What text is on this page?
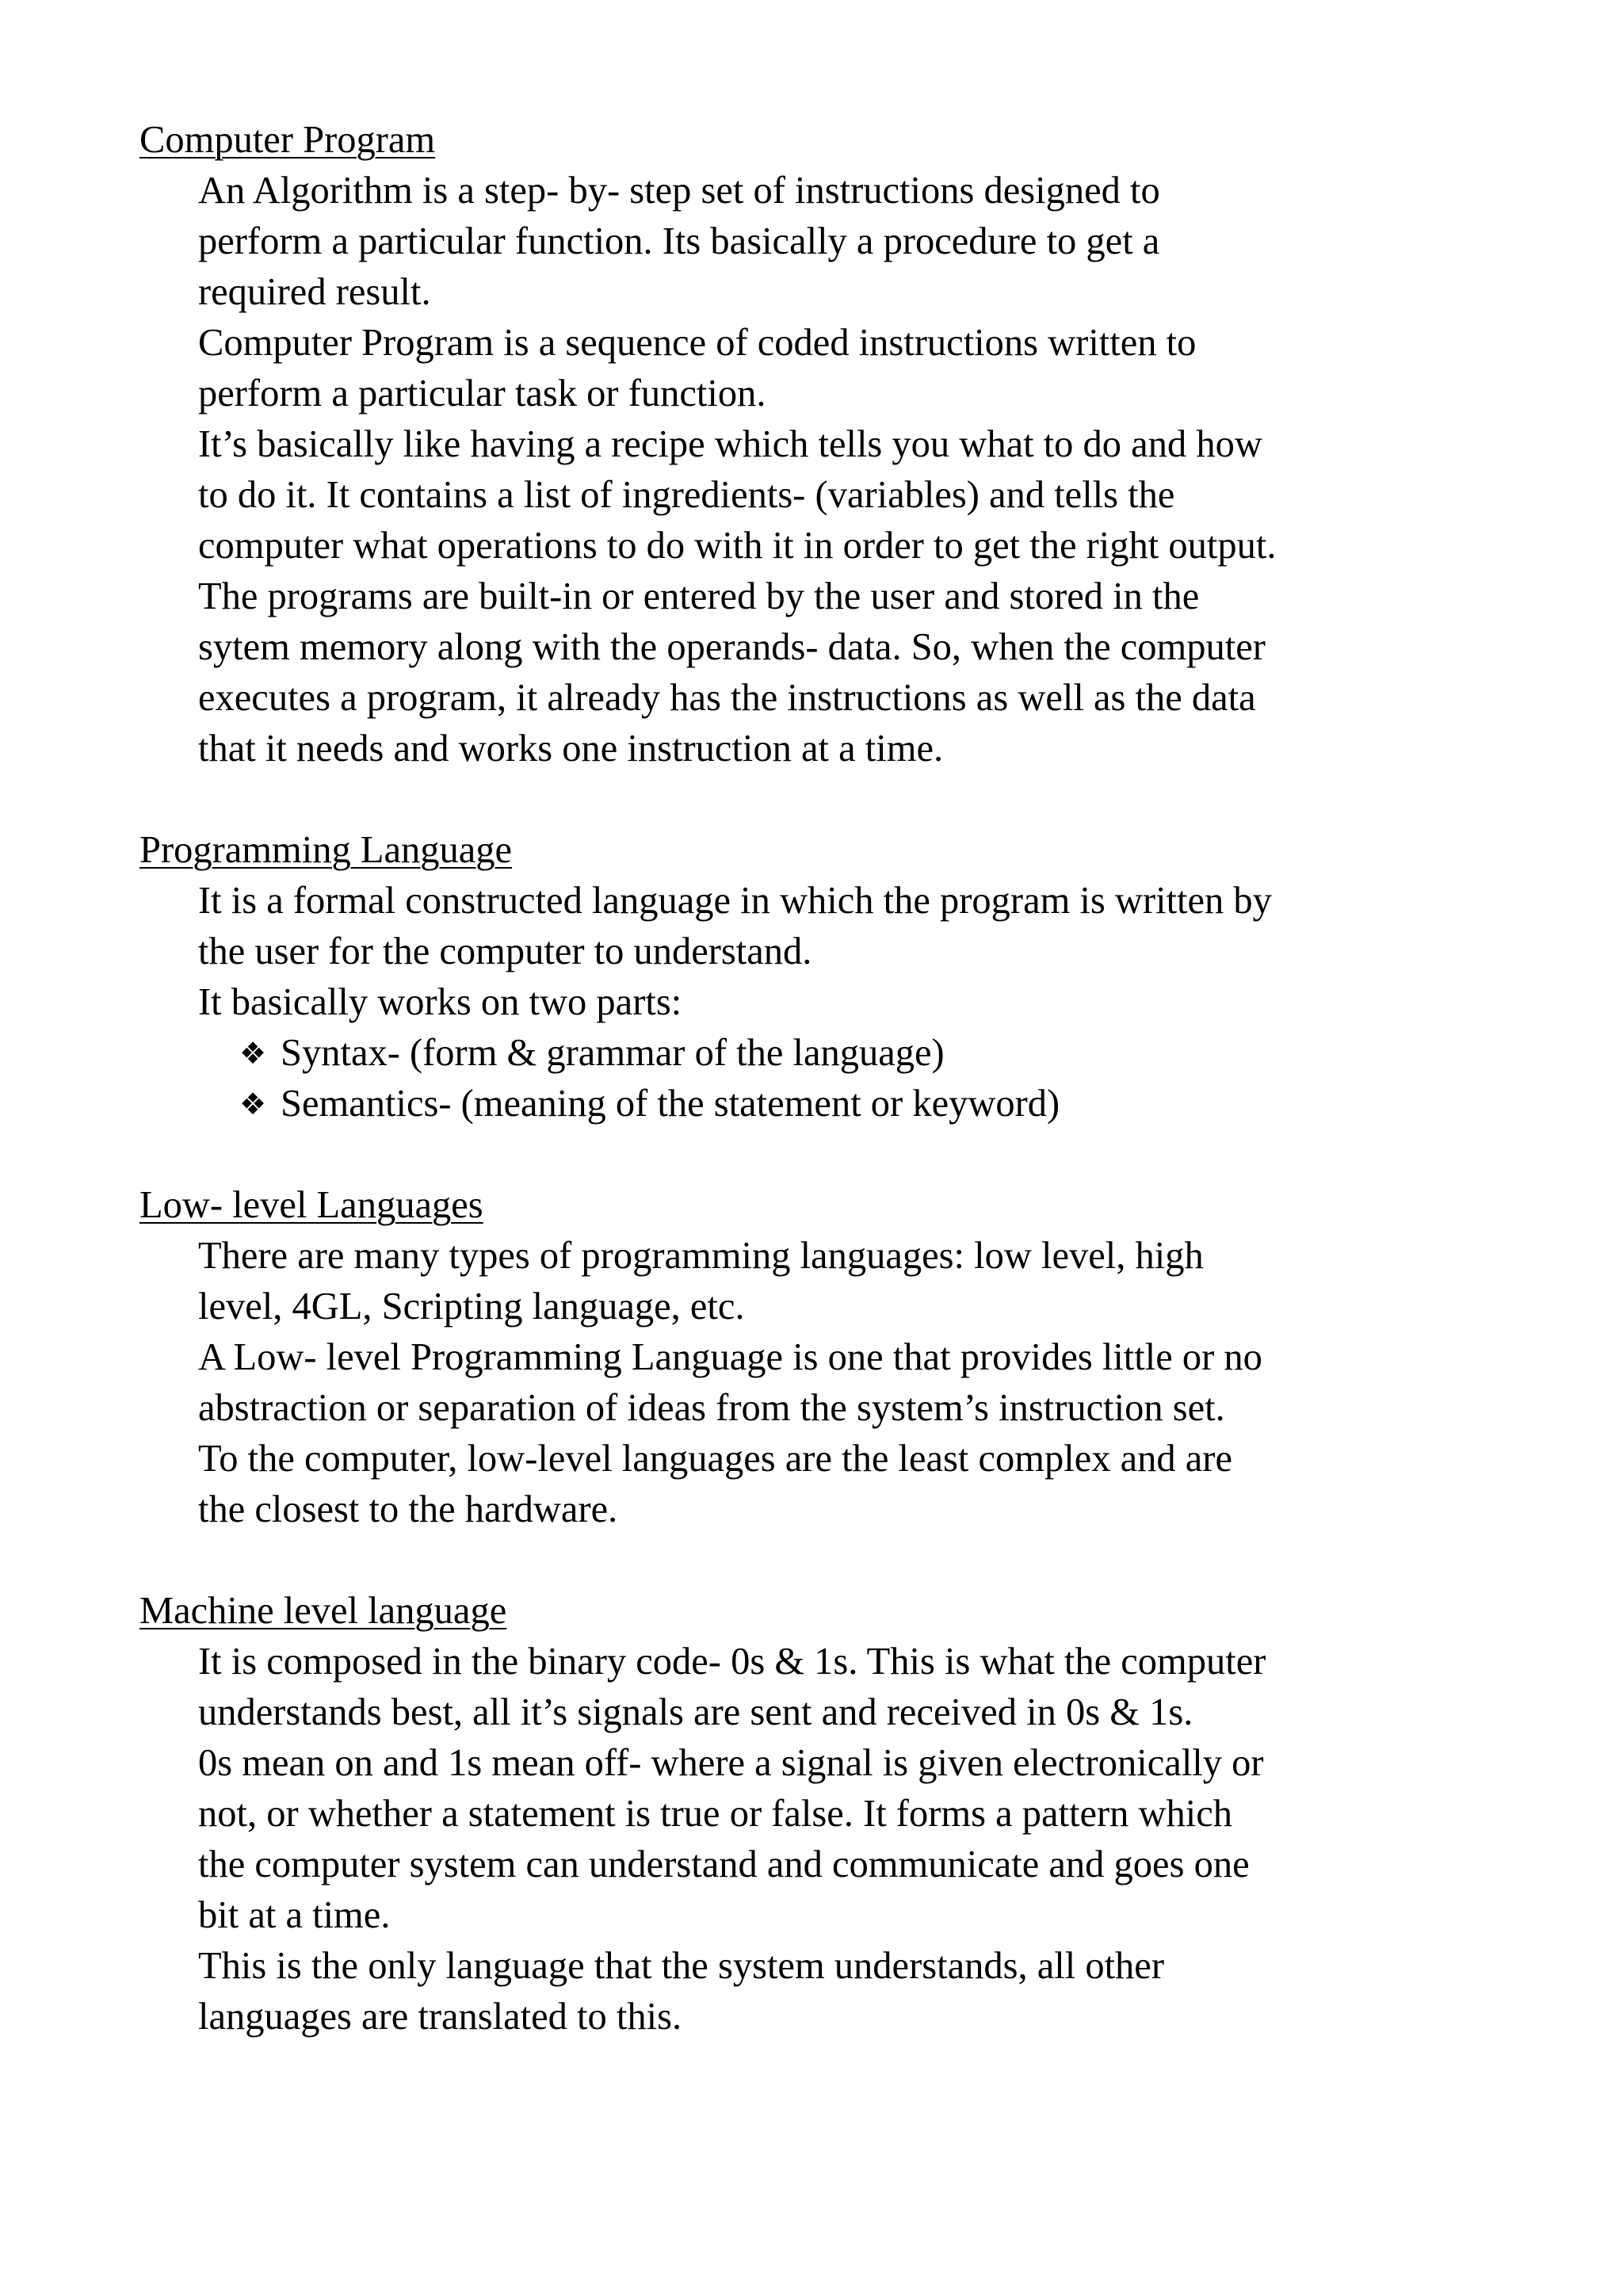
Computer Program
An Algorithm is a step- by- step set of instructions designed to
perform a particular function. Its basically a procedure to get a
required result.
Computer Program is a sequence of coded instructions written to
perform a particular task or function.
It’s basically like having a recipe which tells you what to do and how
to do it. It contains a list of ingredients- (variables) and tells the
computer what operations to do with it in order to get the right output.
The programs are built-in or entered by the user and stored in the
sytem memory along with the operands- data. So, when the computer
executes a program, it already has the instructions as well as the data
that it needs and works one instruction at a time.
Programming Language
It is a formal constructed language in which the program is written by
the user for the computer to understand.
It basically works on two parts:
❖ Syntax- (form & grammar of the language)
❖ Semantics- (meaning of the statement or keyword)
Low- level Languages
There are many types of programming languages: low level, high
level, 4GL, Scripting language, etc.
A Low- level Programming Language is one that provides little or no
abstraction or separation of ideas from the system’s instruction set.
To the computer, low-level languages are the least complex and are
the closest to the hardware.
Machine level language
It is composed in the binary code- 0s & 1s. This is what the computer
understands best, all it’s signals are sent and received in 0s & 1s.
0s mean on and 1s mean off- where a signal is given electronically or
not, or whether a statement is true or false. It forms a pattern which
the computer system can understand and communicate and goes one
bit at a time.
This is the only language that the system understands, all other
languages are translated to this.
